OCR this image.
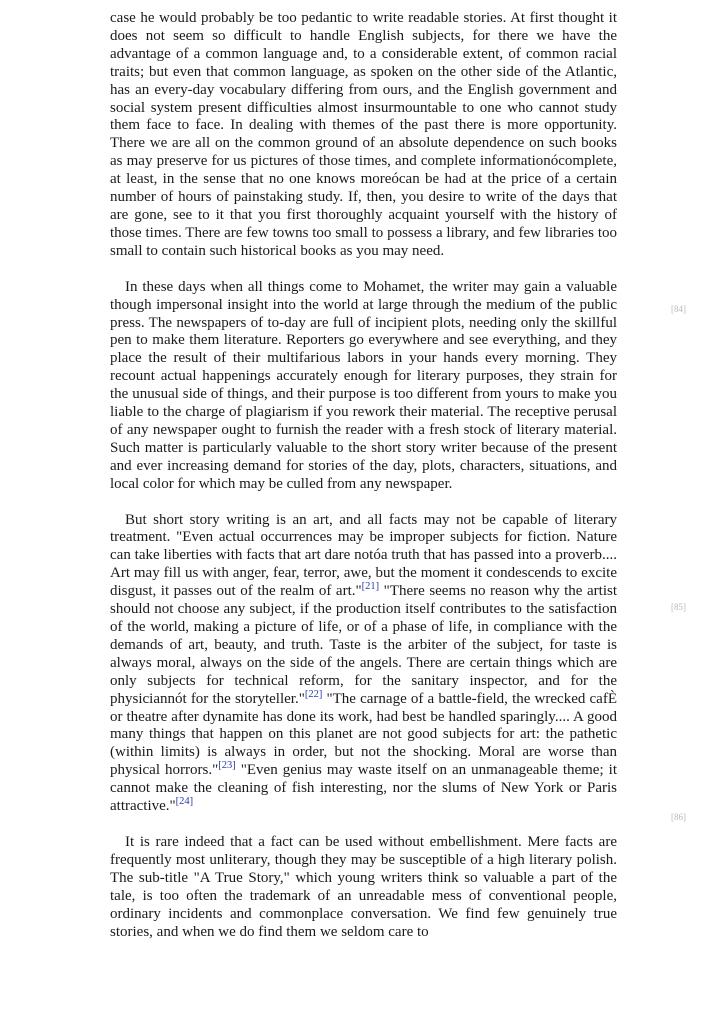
case he would probably be too pedantic to write readable stories. At first thought it does not seem so difficult to handle English subjects, for there we have the advantage of a common language and, to a considerable extent, of common racial traits; but even that common language, as spoken on the other side of the Atlantic, has an every-day vocabulary differing from ours, and the English government and social system present difficulties almost insurmountable to one who cannot study them face to face. In dealing with themes of the past there is more opportunity. There we are all on the common ground of an absolute dependence on such books as may preserve for us pictures of those times, and complete informationócomplete, at least, in the sense that no one knows moreócan be had at the price of a certain number of hours of painstaking study. If, then, you desire to write of the days that are gone, see to it that you first thoroughly acquaint yourself with the history of those times. There are few towns too small to possess a library, and few libraries too small to contain such historical books as you may need.

In these days when all things come to Mohamet, the writer may gain a valuable though impersonal insight into the world at large through the medium of the public press. The newspapers of to-day are full of incipient plots, needing only the skillful pen to make them literature. Reporters go everywhere and see everything, and they place the result of their multifarious labors in your hands every morning. They recount actual happenings accurately enough for literary purposes, they strain for the unusual side of things, and their purpose is too different from yours to make you liable to the charge of plagiarism if you rework their material. The receptive perusal of any newspaper ought to furnish the reader with a fresh stock of literary material. Such matter is particularly valuable to the short story writer because of the present and ever increasing demand for stories of the day, plots, characters, situations, and local color for which may be culled from any newspaper.

But short story writing is an art, and all facts may not be capable of literary treatment. "Even actual occurrences may be improper subjects for fiction. Nature can take liberties with facts that art dare notóa truth that has passed into a proverb.... Art may fill us with anger, fear, terror, awe, but the moment it condescends to excite disgust, it passes out of the realm of art."[21] "There seems no reason why the artist should not choose any subject, if the production itself contributes to the satisfaction of the world, making a picture of life, or of a phase of life, in compliance with the demands of art, beauty, and truth. Taste is the arbiter of the subject, for taste is always moral, always on the side of the angels. There are certain things which are only subjects for technical reform, for the sanitary inspector, and for the physiciannót for the storyteller."[22] "The carnage of a battle-field, the wrecked cafÈ or theatre after dynamite has done its work, had best be handled sparingly.... A good many things that happen on this planet are not good subjects for art: the pathetic (within limits) is always in order, but not the shocking. Moral are worse than physical horrors."[23] "Even genius may waste itself on an unmanageable theme; it cannot make the cleaning of fish interesting, nor the slums of New York or Paris attractive."[24]

It is rare indeed that a fact can be used without embellishment. Mere facts are frequently most unliterary, though they may be susceptible of a high literary polish. The sub-title "A True Story," which young writers think so valuable a part of the tale, is too often the trademark of an unreadable mess of conventional people, ordinary incidents and commonplace conversation. We find few genuinely true stories, and when we do find them we seldom care to

[84]
[85]
[86]
